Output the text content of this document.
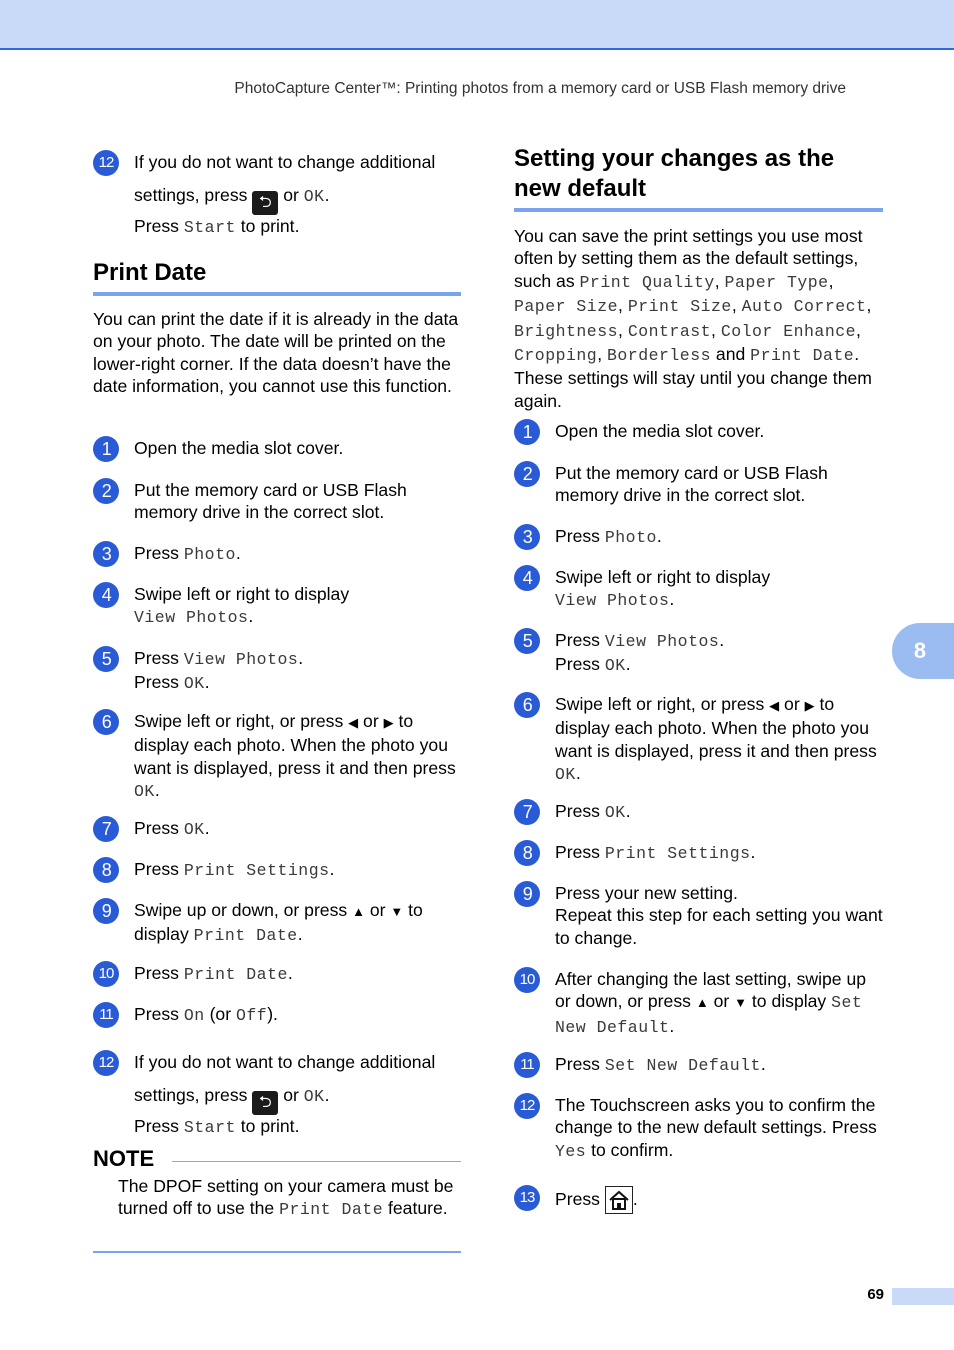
PhotoCapture Center™: Printing photos from a memory card or USB Flash memory drive
12	If you do not want to change additional
settings, press ⮌ or OK.
Press Start to print.
Print Date
You can print the date if it is already in the data on your photo. The date will be printed on the lower-right corner. If the data doesn’t have the date information, you cannot use this function.
1	Open the media slot cover.
2	Put the memory card or USB Flash memory drive in the correct slot.
3	Press Photo.
4	Swipe left or right to display
View Photos.
5	Press View Photos.
Press OK.
6	Swipe left or right, or press ◀ or ▶ to display each photo. When the photo you want is displayed, press it and then press OK.
7	Press OK.
8	Press Print Settings.
9	Swipe up or down, or press ▲ or ▼ to display Print Date.
10	Press Print Date.
11	Press On (or Off).
12	If you do not want to change additional
settings, press ⮌ or OK.
Press Start to print.
NOTE
The DPOF setting on your camera must be turned off to use the Print Date feature.
Setting your changes as the
new default
You can save the print settings you use most often by setting them as the default settings, such as Print Quality, Paper Type, Paper Size, Print Size, Auto Correct, Brightness, Contrast, Color Enhance, Cropping, Borderless and Print Date. These settings will stay until you change them again.
1	Open the media slot cover.
2	Put the memory card or USB Flash memory drive in the correct slot.
3	Press Photo.
4	Swipe left or right to display
View Photos.
5	Press View Photos.
Press OK.
6	Swipe left or right, or press ◀ or ▶ to display each photo. When the photo you want is displayed, press it and then press OK.
7	Press OK.
8	Press Print Settings.
9	Press your new setting.
Repeat this step for each setting you want to change.
10	After changing the last setting, swipe up or down, or press ▲ or ▼ to display Set New Default.
11	Press Set New Default.
12	The Touchscreen asks you to confirm the change to the new default settings. Press Yes to confirm.
13	Press .
8
69
